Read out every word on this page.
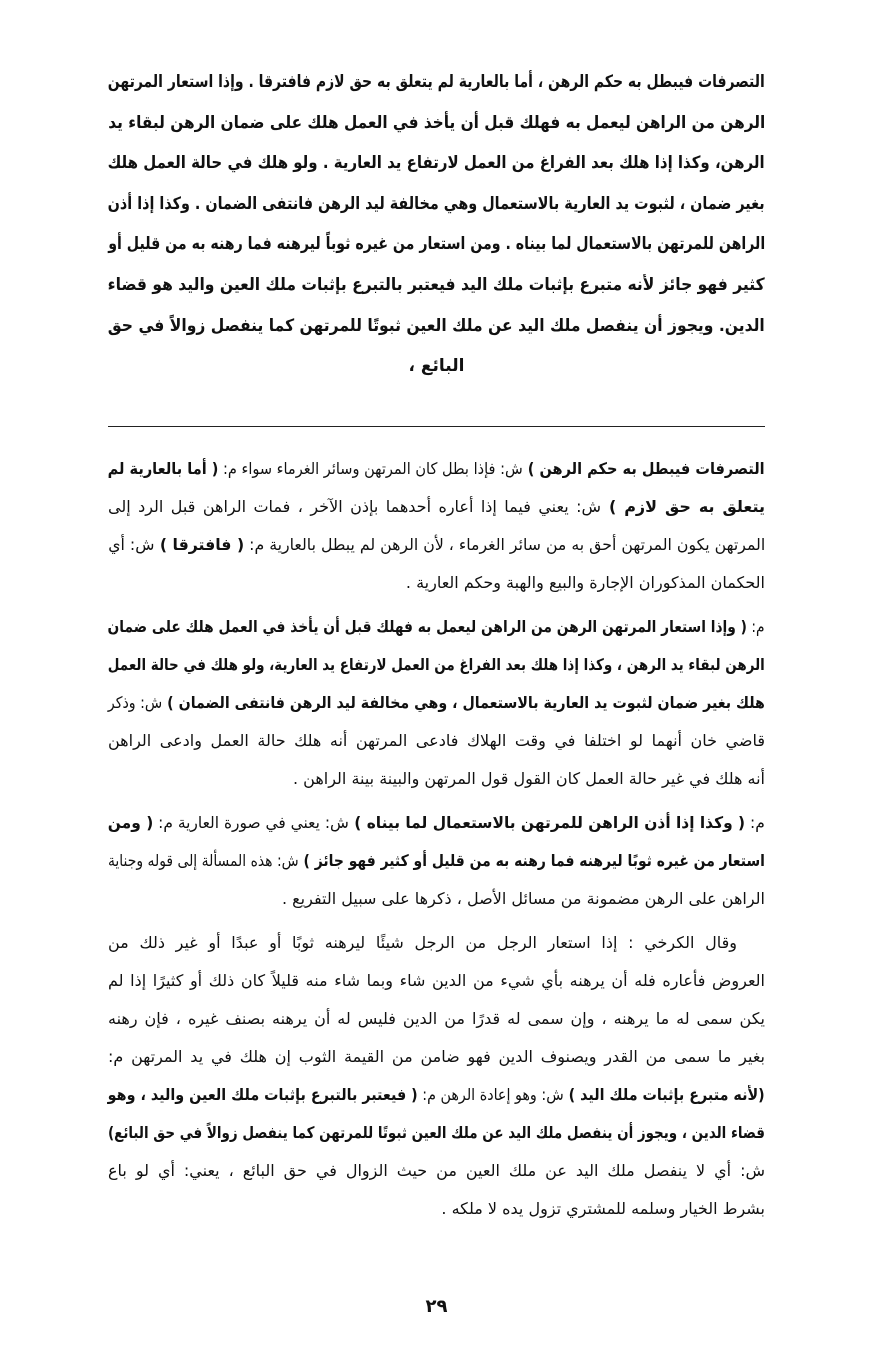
التصرفات فيبطل به حكم الرهن ، أما بالعارية لم يتعلق به حق لازم فافترقا . وإذا استعار المرتهن
الرهن من الراهن ليعمل به فهلك قبل أن يأخذ في العمل هلك على ضمان الرهن لبقاء يد
الرهن، وكذا إذا هلك بعد الفراغ من العمل لارتفاع يد العارية . ولو هلك في حالة العمل هلك
بغير ضمان ، لثبوت يد العارية بالاستعمال وهي مخالفة ليد الرهن فانتفى الضمان . وكذا إذا أذن
الراهن للمرتهن بالاستعمال لما بيناه . ومن استعار من غيره ثوباً ليرهنه فما رهنه به من قليل أو
كثير فهو جائز لأنه متبرع بإثبات ملك اليد فيعتبر بالتبرع بإثبات ملك العين واليد هو قضاء
الدين. ويجوز أن ينفصل ملك اليد عن ملك العين ثبوتًا للمرتهن كما ينفصل زوالاً في حق
البائع ،
التصرفات فيبطل به حكم الرهن ) ش: فإذا بطل كان المرتهن وسائر الغرماء سواء م: ( أما بالعارية لم
يتعلق به حق لازم ) ش: يعني فيما إذا أعاره أحدهما بإذن الآخر ، فمات الراهن قبل الرد إلى
المرتهن يكون المرتهن أحق به من سائر الغرماء ، لأن الرهن لم يبطل بالعارية م: ( فافترقا ) ش: أي
الحكمان المذكوران الإجارة والبيع والهبة وحكم العارية .
م: ( وإذا استعار المرتهن الرهن من الراهن ليعمل به فهلك قبل أن يأخذ في العمل هلك على ضمان
الرهن لبقاء يد الرهن ، وكذا إذا هلك بعد الفراغ من العمل لارتفاع يد العارية، ولو هلك في حالة العمل
هلك بغير ضمان لثبوت يد العارية بالاستعمال ، وهي مخالفة ليد الرهن فانتفى الضمان ) ش: وذكر
قاضي خان أنهما لو اختلفا في وقت الهلاك فادعى المرتهن أنه هلك حالة العمل وادعى الراهن
أنه هلك في غير حالة العمل كان القول قول المرتهن والبينة بينة الراهن .
م: ( وكذا إذا أذن الراهن للمرتهن بالاستعمال لما بيناه ) ش: يعني في صورة العارية م: ( ومن
استعار من غيره ثوبًا ليرهنه فما رهنه به من قليل أو كثير فهو جائز ) ش: هذه المسألة إلى قوله وجناية
الراهن على الرهن مضمونة من مسائل الأصل ، ذكرها على سبيل التفريع .
وقال الكرخي : إذا استعار الرجل من الرجل شيئًا ليرهنه ثوبًا أو عبدًا أو غير ذلك من
العروض فأعاره فله أن يرهنه بأي شيء من الدين شاء وبما شاء منه قليلاً كان ذلك أو كثيرًا إذا لم
يكن سمى له ما يرهنه ، وإن سمى له قدرًا من الدين فليس له أن يرهنه بصنف غيره ، فإن رهنه
بغير ما سمى من القدر ويصنوف الدين فهو ضامن من القيمة الثوب إن هلك في يد المرتهن م:
(لأنه متبرع بإثبات ملك اليد ) ش: وهو إعادة الرهن م: ( فيعتبر بالتبرع بإثبات ملك العين واليد ، وهو
قضاء الدين ، ويجوز أن ينفصل ملك اليد عن ملك العين ثبوتًا للمرتهن كما ينفصل زوالاً في حق البائع)
ش: أي لا ينفصل ملك اليد عن ملك العين من حيث الزوال في حق البائع ، يعني: أي لو باع
بشرط الخيار وسلمه للمشتري تزول يده لا ملكه .
٢٩
